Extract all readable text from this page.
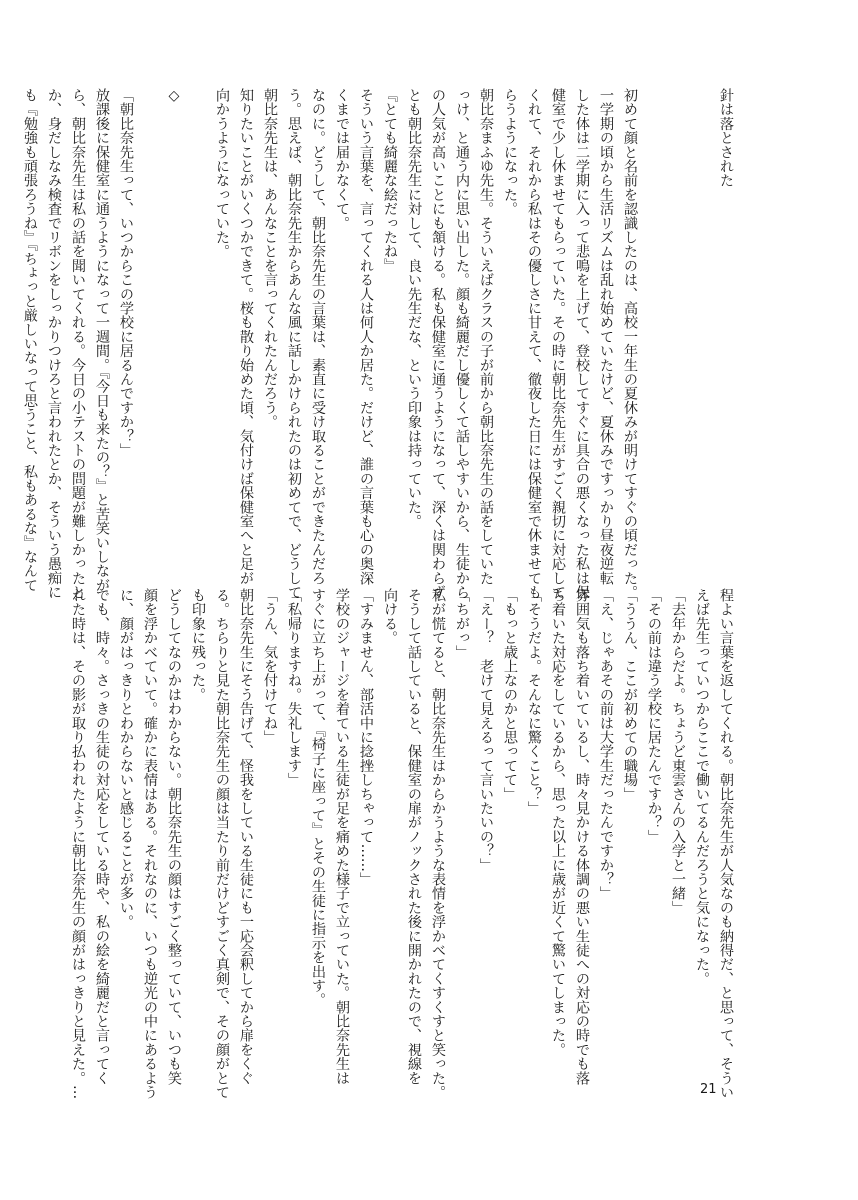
針は落とされた

初めて顔と名前を認識したのは、高校一年生の夏休みが明けてすぐの頃だった。
一学期の頃から生活リズムは乱れ始めていたけど、夏休みですっかり昼夜逆転
した体は二学期に入って悲鳴を上げて、登校してすぐに具合の悪くなった私は保
健室で少し休ませてもらっていた。その時に朝比奈先生がすごく親切に対応して
くれて、それから私はその優しさに甘えて、徹夜した日には保健室で休ませても
らうようになった。
朝比奈まふゆ先生。そういえばクラスの子が前から朝比奈先生の話をしていた
っけ、と通う内に思い出した。顔も綺麗だし優しくて話しやすいから、生徒から
の人気が高いことにも頷ける。私も保健室に通うようになって、深くは関わらず
とも朝比奈先生に対して、良い先生だな、という印象は持っていた。
『とても綺麗な絵だったね』
そういう言葉を、言ってくれる人は何人か居た。だけど、誰の言葉も心の奥深
くまでは届かなくて。
なのに。どうして、朝比奈先生の言葉は、素直に受け取ることができたんだろ
う。思えば、朝比奈先生からあんな風に話しかけられたのは初めてで、どうして
朝比奈先生は、あんなことを言ってくれたんだろう。
知りたいことがいくつかできて。桜も散り始めた頃、気付けば保健室へと足が
向かうようになっていた。

◇

「朝比奈先生って、いつからこの学校に居るんですか？」
放課後に保健室に通うようになって一週間。『今日も来たの？』と苦笑いしなが
ら、朝比奈先生は私の話を聞いてくれる。今日の小テストの問題が難しかったと
か、身だしなみ検査でリボンをしっかりつけろと言われたとか、そういう愚痴に
も『勉強も頑張ろうね』『ちょっと厳しいなって思うこと、私もあるな』なんて

程よい言葉を返してくれる。朝比奈先生が人気なのも納得だ、と思って、そうい
えば先生っていつからここで働いてるんだろうと気になった。
「去年からだよ。ちょうど東雲さんの入学と一緒」
「その前は違う学校に居たんですか？」
「ううん、ここが初めての職場」
「え、じゃあその前は大学生だったんですか？」
雰囲気も落ち着いているし、時々見かける体調の悪い生徒への対応の時でも落
ち着いた対応をしているから、思った以上に歳が近くて驚いてしまった。
「そうだよ。そんなに驚くこと？」
「もっと歳上なのかと思ってて」
「えー？　老けて見えるって言いたいの？」
「ちがっ」
私が慌てると、朝比奈先生はからかうような表情を浮かべてくすくすと笑った。
そうして話していると、保健室の扉がノックされた後に開かれたので、視線を
向ける。
「すみません、部活中に捻挫しちゃって……」
学校のジャージを着ている生徒が足を痛めた様子で立っていた。朝比奈先生は
すぐに立ち上がって、『椅子に座って』とその生徒に指示を出す。
「私帰りますね。失礼します」
「うん、気を付けてね」
朝比奈先生にそう告げて、怪我をしている生徒にも一応会釈してから扉をくぐ
る。ちらりと見た朝比奈先生の顔は当たり前だけどすごく真剣で、その顔がとて
も印象に残った。
どうしてなのかはわからない。朝比奈先生の顔はすごく整っていて、いつも笑
顔を浮かべていて。確かに表情はある。それなのに、いつも逆光の中にあるよう
に、顔がはっきりとわからないと感じることが多い。
でも、時々。さっきの生徒の対応をしている時や、私の絵を綺麗だと言ってく
れた時は、その影が取り払われたように朝比奈先生の顔がはっきりと見えた。…

	21
